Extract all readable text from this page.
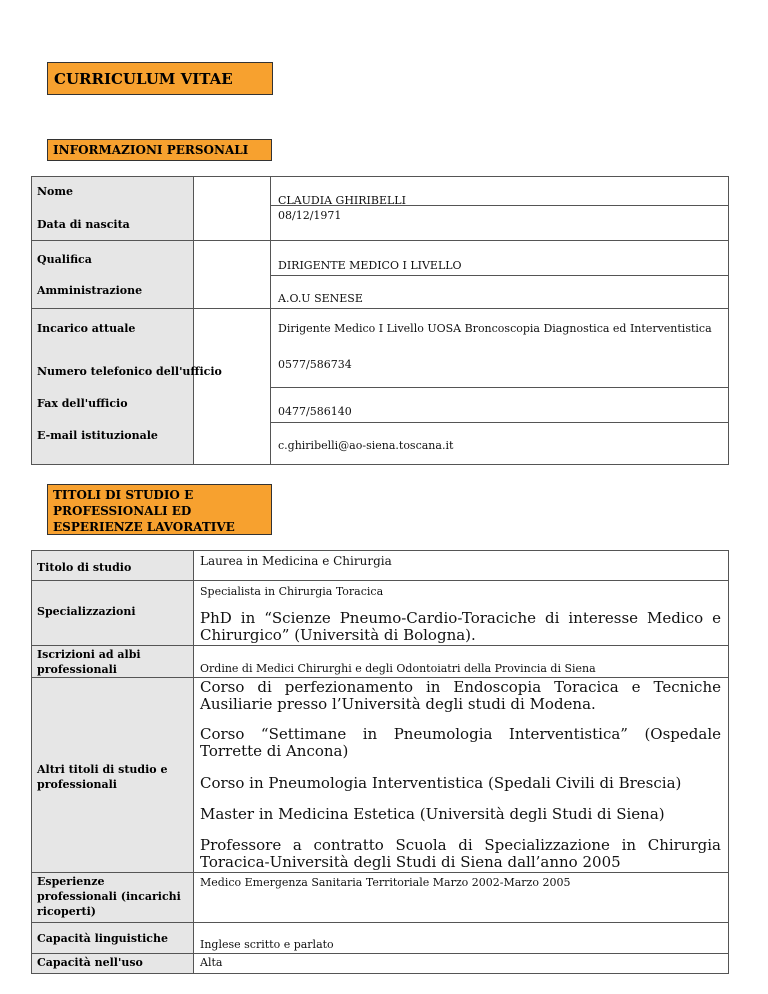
CURRICULUM VITAE
INFORMAZIONI PERSONALI
Nome
Data di nascita
Qualifica
Amministrazione
Incarico attuale
Numero telefonico dell'ufficio
Fax dell'ufficio
E-mail istituzionale
CLAUDIA GHIRIBELLI
08/12/1971
DIRIGENTE MEDICO I LIVELLO
A.O.U SENESE
Dirigente Medico I Livello UOSA Broncoscopia Diagnostica ed Interventistica
0577/586734
0477/586140
c.ghiribelli@ao-siena.toscana.it
TITOLI DI STUDIO E PROFESSIONALI ED ESPERIENZE LAVORATIVE
Titolo di studio
Specializzazioni
Iscrizioni ad albi professionali
Altri titoli di studio e professionali
Esperienze professionali (incarichi ricoperti)
Capacità linguistiche
Capacità nell'uso
Laurea in Medicina e Chirurgia
Specialista in Chirurgia Toracica
PhD in “Scienze Pneumo-Cardio-Toraciche di interesse Medico e Chirurgico” (Università di Bologna).
Ordine di Medici Chirurghi e degli Odontoiatri della Provincia di Siena
Corso di perfezionamento in Endoscopia Toracica e Tecniche Ausiliarie presso l’Università degli studi di Modena.
Corso “Settimane in Pneumologia Interventistica” (Ospedale Torrette di Ancona)
Corso in Pneumologia Interventistica (Spedali Civili di Brescia)
Master in Medicina Estetica (Università degli Studi di Siena)
Professore a contratto Scuola di Specializzazione in Chirurgia Toracica-Università degli Studi di Siena dall’anno 2005
Medico Emergenza Sanitaria Territoriale Marzo 2002-Marzo 2005
Inglese scritto e parlato
Alta
